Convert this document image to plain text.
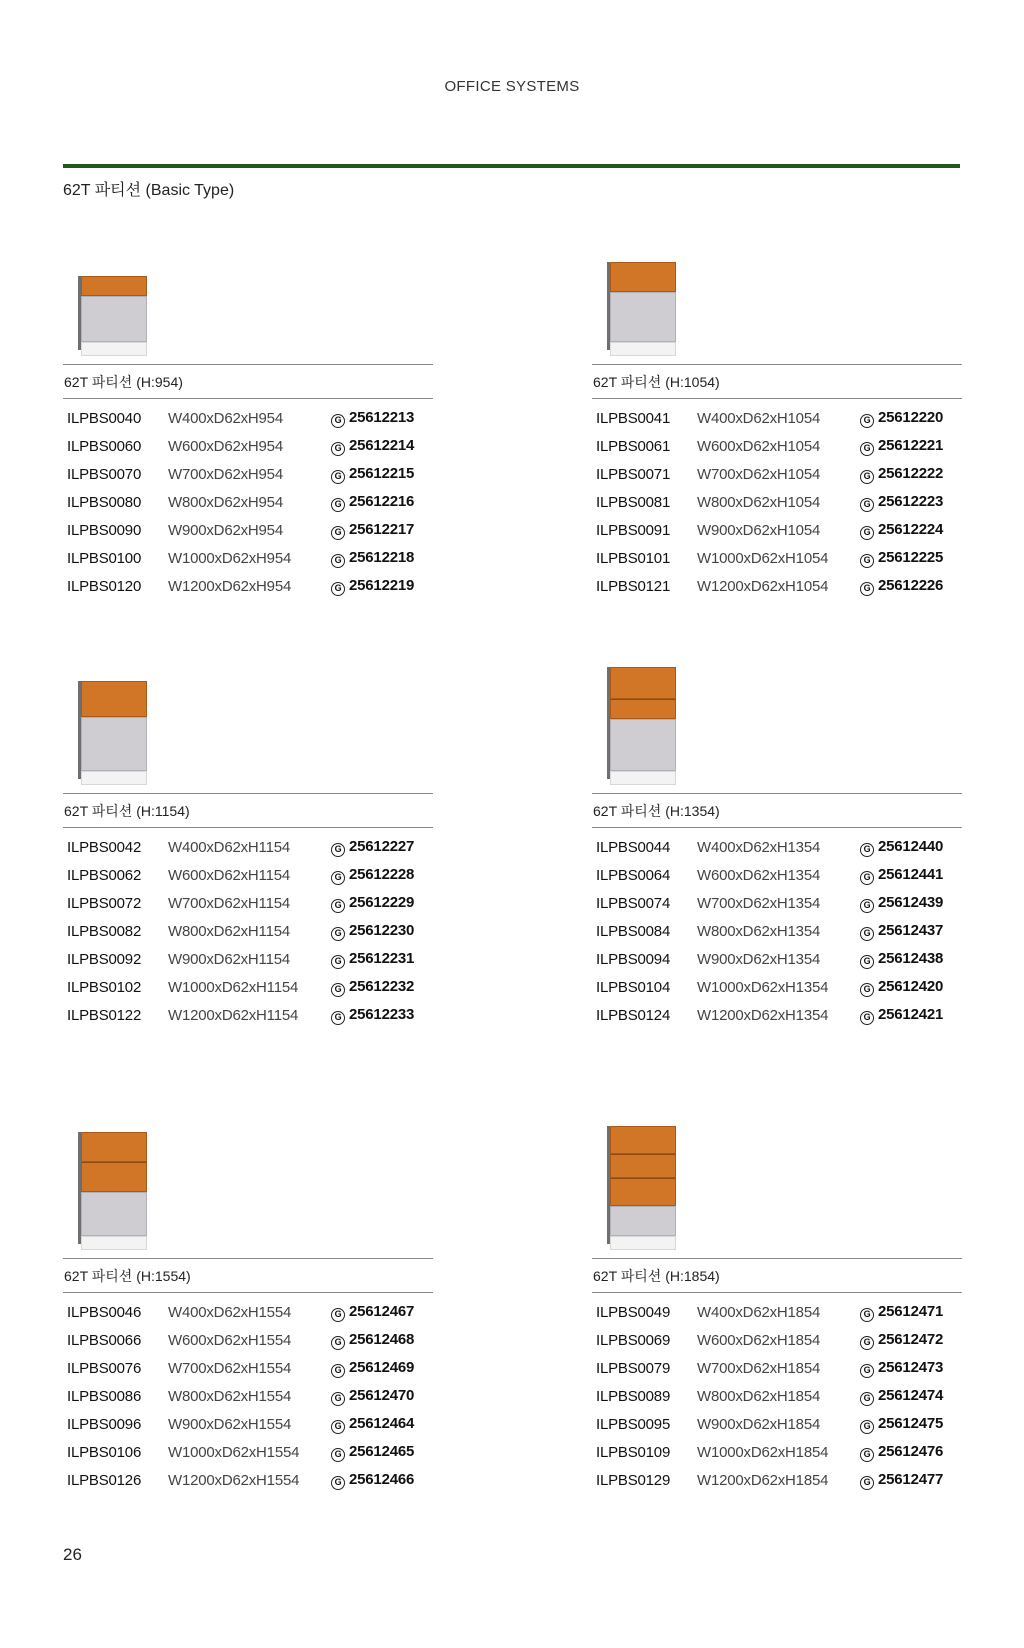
OFFICE SYSTEMS
62T 파티션 (Basic Type)
62T 파티션 (H:954)
ILPBS0040	W400xD62xH954	G 25612213
ILPBS0060	W600xD62xH954	G 25612214
ILPBS0070	W700xD62xH954	G 25612215
ILPBS0080	W800xD62xH954	G 25612216
ILPBS0090	W900xD62xH954	G 25612217
ILPBS0100	W1000xD62xH954	G 25612218
ILPBS0120	W1200xD62xH954	G 25612219
62T 파티션 (H:1054)
ILPBS0041	W400xD62xH1054	G 25612220
ILPBS0061	W600xD62xH1054	G 25612221
ILPBS0071	W700xD62xH1054	G 25612222
ILPBS0081	W800xD62xH1054	G 25612223
ILPBS0091	W900xD62xH1054	G 25612224
ILPBS0101	W1000xD62xH1054	G 25612225
ILPBS0121	W1200xD62xH1054	G 25612226
62T 파티션 (H:1154)
ILPBS0042	W400xD62xH1154	G 25612227
ILPBS0062	W600xD62xH1154	G 25612228
ILPBS0072	W700xD62xH1154	G 25612229
ILPBS0082	W800xD62xH1154	G 25612230
ILPBS0092	W900xD62xH1154	G 25612231
ILPBS0102	W1000xD62xH1154	G 25612232
ILPBS0122	W1200xD62xH1154	G 25612233
62T 파티션 (H:1354)
ILPBS0044	W400xD62xH1354	G 25612440
ILPBS0064	W600xD62xH1354	G 25612441
ILPBS0074	W700xD62xH1354	G 25612439
ILPBS0084	W800xD62xH1354	G 25612437
ILPBS0094	W900xD62xH1354	G 25612438
ILPBS0104	W1000xD62xH1354	G 25612420
ILPBS0124	W1200xD62xH1354	G 25612421
62T 파티션 (H:1554)
ILPBS0046	W400xD62xH1554	G 25612467
ILPBS0066	W600xD62xH1554	G 25612468
ILPBS0076	W700xD62xH1554	G 25612469
ILPBS0086	W800xD62xH1554	G 25612470
ILPBS0096	W900xD62xH1554	G 25612464
ILPBS0106	W1000xD62xH1554	G 25612465
ILPBS0126	W1200xD62xH1554	G 25612466
62T 파티션 (H:1854)
ILPBS0049	W400xD62xH1854	G 25612471
ILPBS0069	W600xD62xH1854	G 25612472
ILPBS0079	W700xD62xH1854	G 25612473
ILPBS0089	W800xD62xH1854	G 25612474
ILPBS0095	W900xD62xH1854	G 25612475
ILPBS0109	W1000xD62xH1854	G 25612476
ILPBS0129	W1200xD62xH1854	G 25612477
26
